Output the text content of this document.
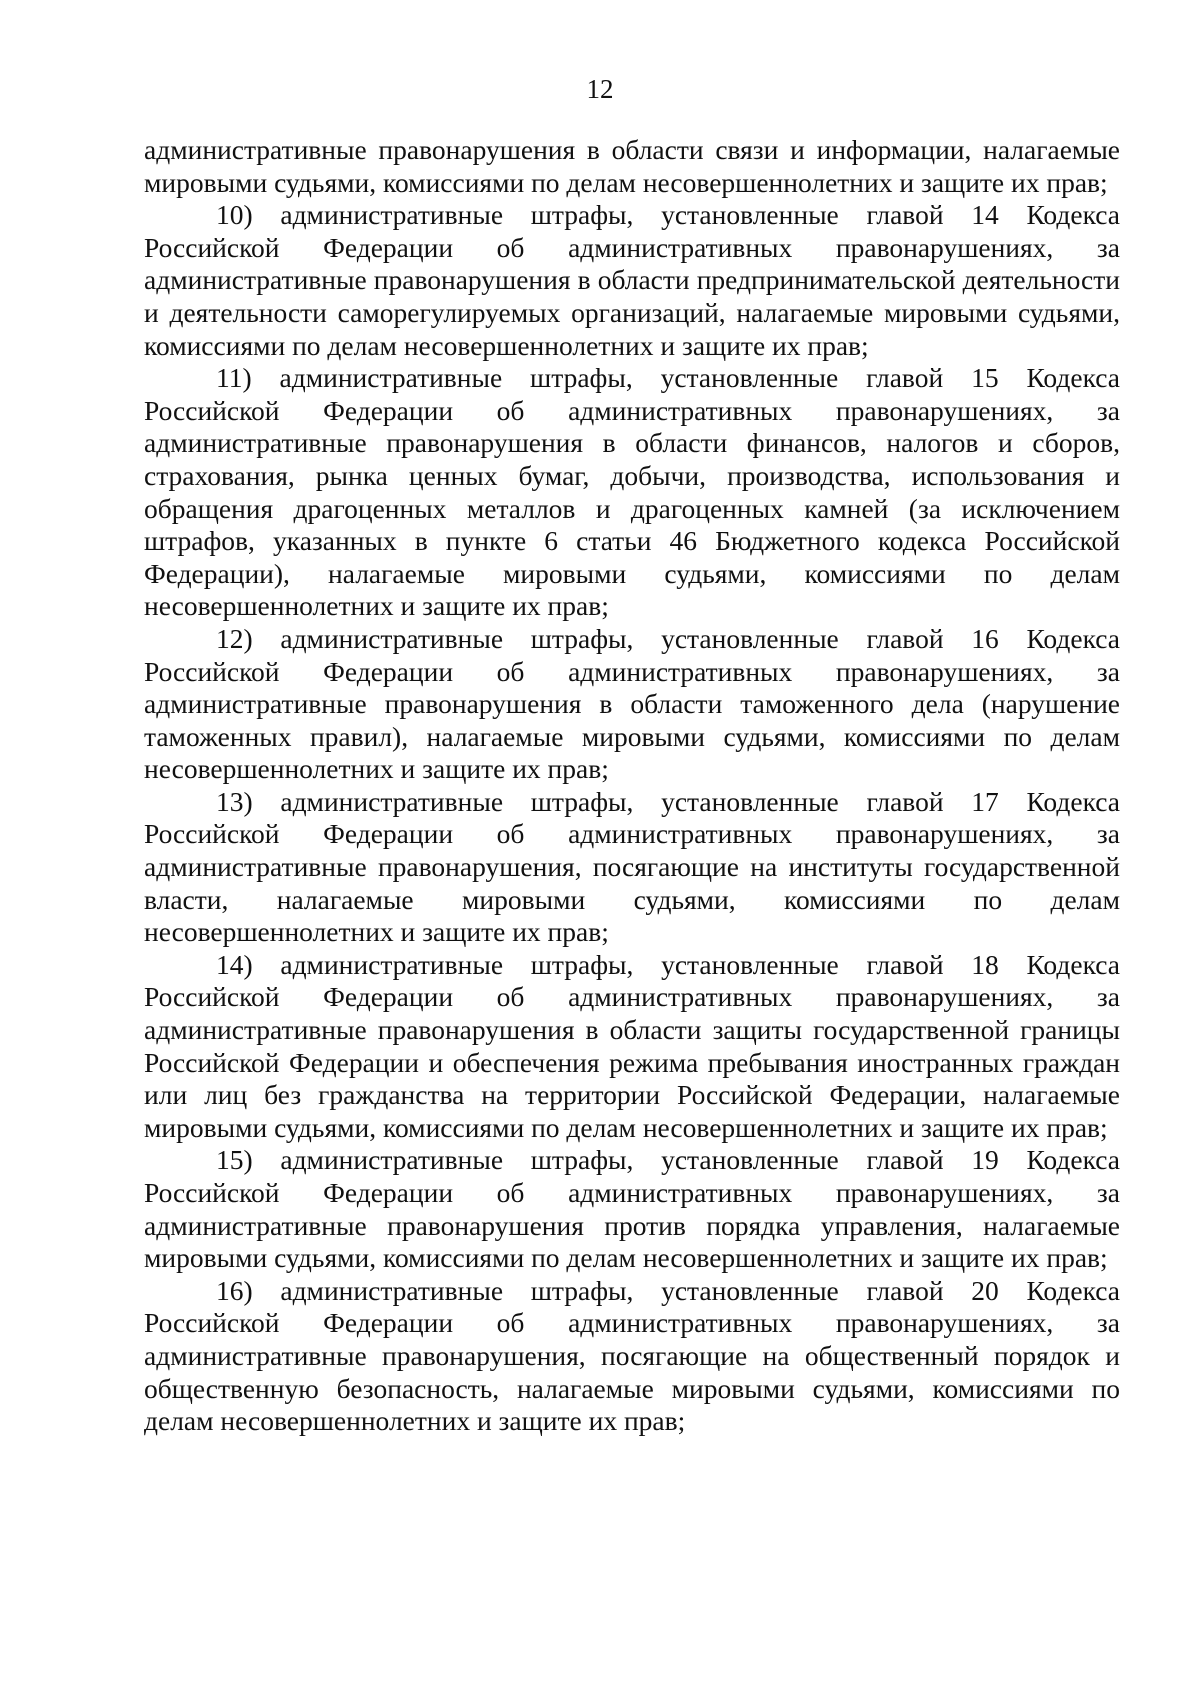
12

административные правонарушения в области связи и информации, налагаемые мировыми судьями, комиссиями по делам несовершеннолетних и защите их прав;

10) административные штрафы, установленные главой 14 Кодекса Российской Федерации об административных правонарушениях, за административные правонарушения в области предпринимательской деятельности и деятельности саморегулируемых организаций, налагаемые мировыми судьями, комиссиями по делам несовершеннолетних и защите их прав;

11) административные штрафы, установленные главой 15 Кодекса Российской Федерации об административных правонарушениях, за административные правонарушения в области финансов, налогов и сборов, страхования, рынка ценных бумаг, добычи, производства, использования и обращения драгоценных металлов и драгоценных камней (за исключением штрафов, указанных в пункте 6 статьи 46 Бюджетного кодекса Российской Федерации), налагаемые мировыми судьями, комиссиями по делам несовершеннолетних и защите их прав;

12) административные штрафы, установленные главой 16 Кодекса Российской Федерации об административных правонарушениях, за административные правонарушения в области таможенного дела (нарушение таможенных правил), налагаемые мировыми судьями, комиссиями по делам несовершеннолетних и защите их прав;

13) административные штрафы, установленные главой 17 Кодекса Российской Федерации об административных правонарушениях, за административные правонарушения, посягающие на институты государственной власти, налагаемые мировыми судьями, комиссиями по делам несовершеннолетних и защите их прав;

14) административные штрафы, установленные главой 18 Кодекса Российской Федерации об административных правонарушениях, за административные правонарушения в области защиты государственной границы Российской Федерации и обеспечения режима пребывания иностранных граждан или лиц без гражданства на территории Российской Федерации, налагаемые мировыми судьями, комиссиями по делам несовершеннолетних и защите их прав;

15) административные штрафы, установленные главой 19 Кодекса Российской Федерации об административных правонарушениях, за административные правонарушения против порядка управления, налагаемые мировыми судьями, комиссиями по делам несовершеннолетних и защите их прав;

16) административные штрафы, установленные главой 20 Кодекса Российской Федерации об административных правонарушениях, за административные правонарушения, посягающие на общественный порядок и общественную безопасность, налагаемые мировыми судьями, комиссиями по делам несовершеннолетних и защите их прав;
